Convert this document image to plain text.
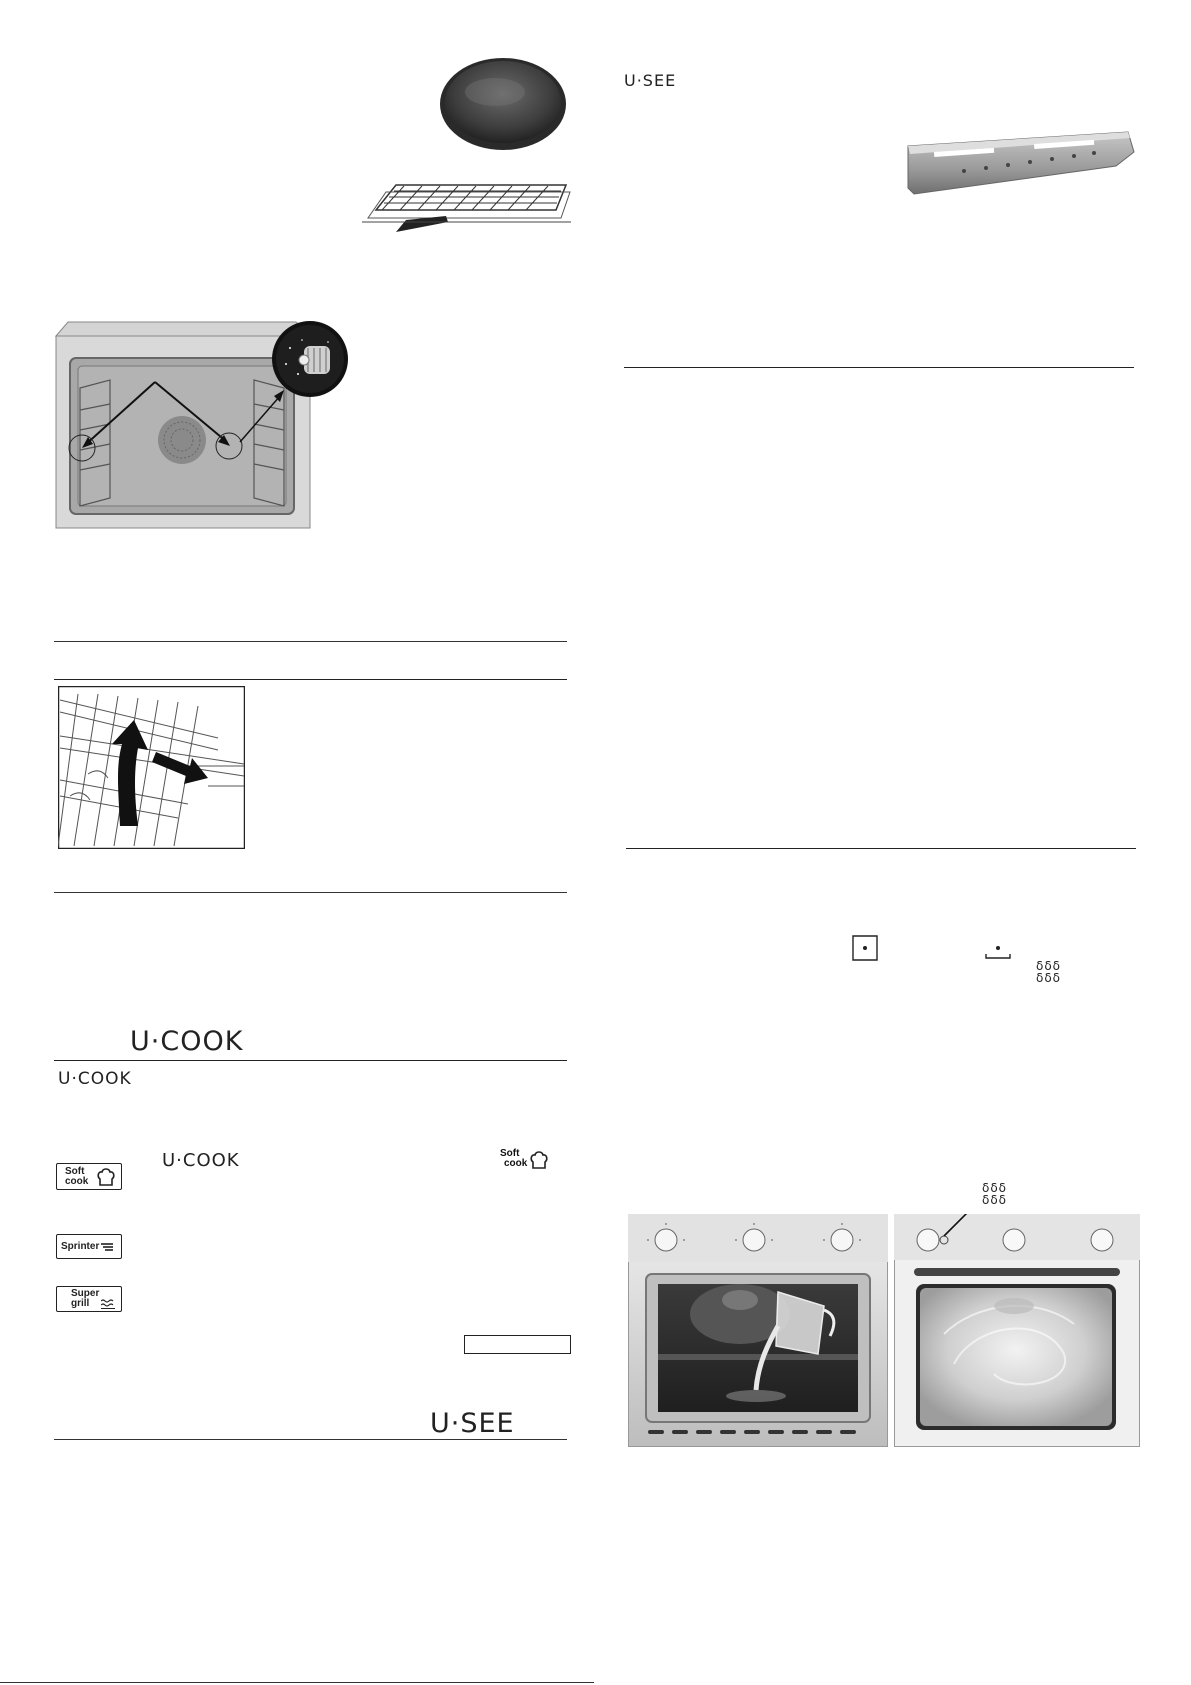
U·COOK
U·COOK
Soft
cook
U·COOK	Soft
cook
Sprinter
Super
grill
U·SEE
U·SEE
δδδ
δδδ
δδδ
δδδ
